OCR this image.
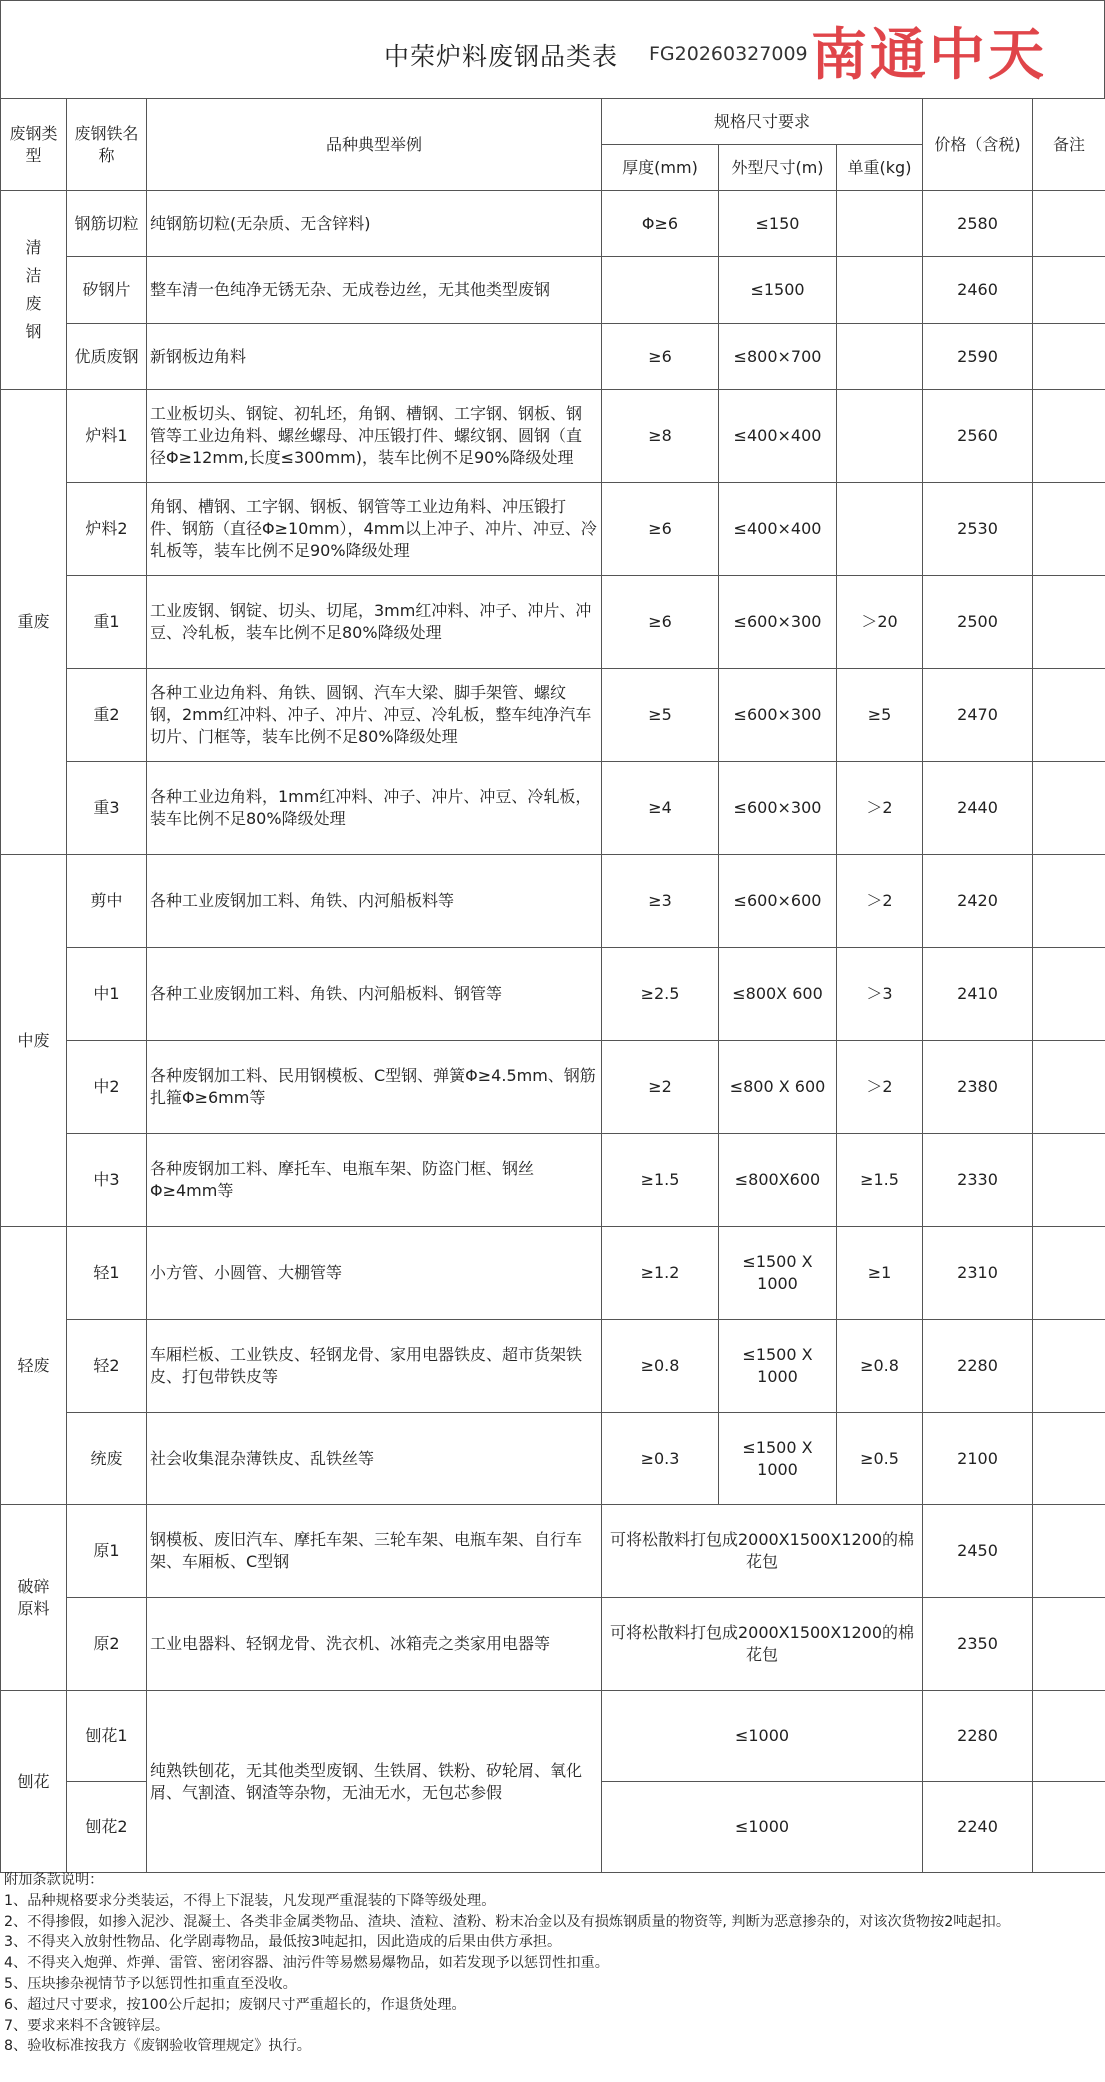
中荣炉料废钢品类表 FG20260327009 南通中天
废钢类型	废钢铁名称	品种典型举例	规格尺寸要求			价格（含税)	备注
			厚度(mm)	外型尺寸(m)	单重(kg)		
清洁废钢	钢筋切粒	纯钢筋切粒(无杂质、无含锌料)	Φ≥6	≤150		2580	
	矽钢片	整车清一色纯净无锈无杂、无成卷边丝，无其他类型废钢		≤1500		2460	
	优质废钢	新钢板边角料	≥6	≤800×700		2590	
重废	炉料1	工业板切头、钢锭、初轧坯，角钢、槽钢、工字钢、钢板、钢管等工业边角料、螺丝螺母、冲压锻打件、螺纹钢、圆钢（直径Φ≥12mm,长度≤300mm)，装车比例不足90%降级处理	≥8	≤400×400		2560	
	炉料2	角钢、槽钢、工字钢、钢板、钢管等工业边角料、冲压锻打件、钢筋（直径Φ≥10mm），4mm以上冲子、冲片、冲豆、冷轧板等，装车比例不足90%降级处理	≥6	≤400×400		2530	
	重1	工业废钢、钢锭、切头、切尾，3mm红冲料、冲子、冲片、冲豆、冷轧板，装车比例不足80%降级处理	≥6	≤600×300	＞20	2500	
	重2	各种工业边角料、角铁、圆钢、汽车大梁、脚手架管、螺纹钢，2mm红冲料、冲子、冲片、冲豆、冷轧板，整车纯净汽车切片、门框等，装车比例不足80%降级处理	≥5	≤600×300	≥5	2470	
	重3	各种工业边角料，1mm红冲料、冲子、冲片、冲豆、冷轧板，装车比例不足80%降级处理	≥4	≤600×300	＞2	2440	
中废	剪中	各种工业废钢加工料、角铁、内河船板料等	≥3	≤600×600	＞2	2420	
	中1	各种工业废钢加工料、角铁、内河船板料、钢管等	≥2.5	≤800X 600	＞3	2410	
	中2	各种废钢加工料、民用钢模板、C型钢、弹簧Φ≥4.5mm、钢筋扎箍Φ≥6mm等	≥2	≤800 X 600	＞2	2380	
	中3	各种废钢加工料、摩托车、电瓶车架、防盗门框、钢丝Φ≥4mm等	≥1.5	≤800X600	≥1.5	2330	
轻废	轻1	小方管、小圆管、大棚管等	≥1.2	≤1500 X 1000	≥1	2310	
	轻2	车厢栏板、工业铁皮、轻钢龙骨、家用电器铁皮、超市货架铁皮、打包带铁皮等	≥0.8	≤1500 X 1000	≥0.8	2280	
	统废	社会收集混杂薄铁皮、乱铁丝等	≥0.3	≤1500 X 1000	≥0.5	2100	
破碎原料	原1	钢模板、废旧汽车、摩托车架、三轮车架、电瓶车架、自行车架、车厢板、C型钢	可将松散料打包成2000X1500X1200的棉花包			2450	
	原2	工业电器料、轻钢龙骨、洗衣机、冰箱壳之类家用电器等	可将松散料打包成2000X1500X1200的棉花包			2350	
刨花	刨花1	纯熟铁刨花，无其他类型废钢、生铁屑、铁粉、矽轮屑、氧化屑、气割渣、钢渣等杂物，无油无水，无包芯参假	≤1000			2280	
	刨花2		≤1000			2240	
附加条款说明：
1、品种规格要求分类装运，不得上下混装，凡发现严重混装的下降等级处理。
2、不得掺假，如掺入泥沙、混凝土、各类非金属类物品、渣块、渣粒、渣粉、粉末冶金以及有损炼钢质量的物资等, 判断为恶意掺杂的，对该次货物按2吨起扣。
3、不得夹入放射性物品、化学剧毒物品，最低按3吨起扣，因此造成的后果由供方承担。
4、不得夹入炮弹、炸弹、雷管、密闭容器、油污件等易燃易爆物品，如若发现予以惩罚性扣重。
5、压块掺杂视情节予以惩罚性扣重直至没收。
6、超过尺寸要求，按100公斤起扣；废钢尺寸严重超长的，作退货处理。
7、要求来料不含镀锌层。
8、验收标准按我方《废钢验收管理规定》执行。
